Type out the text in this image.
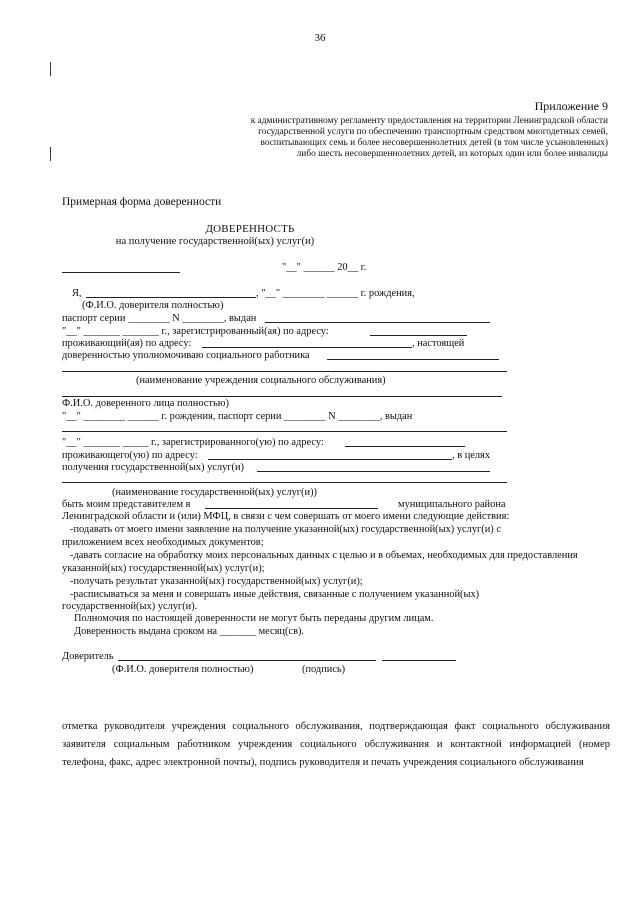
36
Приложение 9
к административному регламенту предоставления на территории Ленинградской области
государственной услуги по обеспечению транспортным средством многодетных семей,
воспитывающих семь и более несовершеннолетних детей (в том числе усыновленных)
либо шесть несовершеннолетних детей, из которых один или более инвалиды
Примерная форма доверенности
ДОВЕРЕННОСТЬ
на получение государственной(ых) услуг(и)
"__" ______ 20__ г.
Я,	, "__" ________ ______ г. рождения,
(Ф.И.О. доверителя полностью)
паспорт серии ________ N ________, выдан
"__" _______ _______ г., зарегистрированный(ая) по адресу:
проживающий(ая) по адресу:	, настоящей
доверенностью уполномочиваю социального работника
(наименование учреждения социального обслуживания)
Ф.И.О. доверенного лица полностью)
"__" ________ ______ г. рождения, паспорт серии ________ N ________, выдан
"__" _______ _____ г., зарегистрированного(ую) по адресу:
проживающего(ую) по адресу:	, в целях
получения государственной(ых) услуг(и)
(наименование государственной(ых) услуг(и))
быть моим представителем в	муниципального района
Ленинградской области и (или) МФЦ, в связи с чем совершать от моего имени следующие действия:
-подавать от моего имени заявление на получение указанной(ых) государственной(ых) услуг(и) с
приложением всех необходимых документов;
-давать согласие на обработку моих персональных данных с целью и в объемах, необходимых для предоставления
указанной(ых) государственной(ых) услуг(и);
-получать результат указанной(ых) государственной(ых) услуг(и);
-расписываться за меня и совершать иные действия, связанные с получением указанной(ых)
государственной(ых) услуг(и).
Полномочия по настоящей доверенности не могут быть переданы другим лицам.
Доверенность выдана сроком на _______ месяц(св).
Доверитель
(Ф.И.О. доверителя полностью)	(подпись)
отметка руководителя учреждения социального обслуживания, подтверждающая факт социального обслуживания заявителя социальным работником учреждения социального обслуживания и контактной информацией (номер телефона, факс, адрес электронной почты), подпись руководителя и печать учреждения социального обслуживания
